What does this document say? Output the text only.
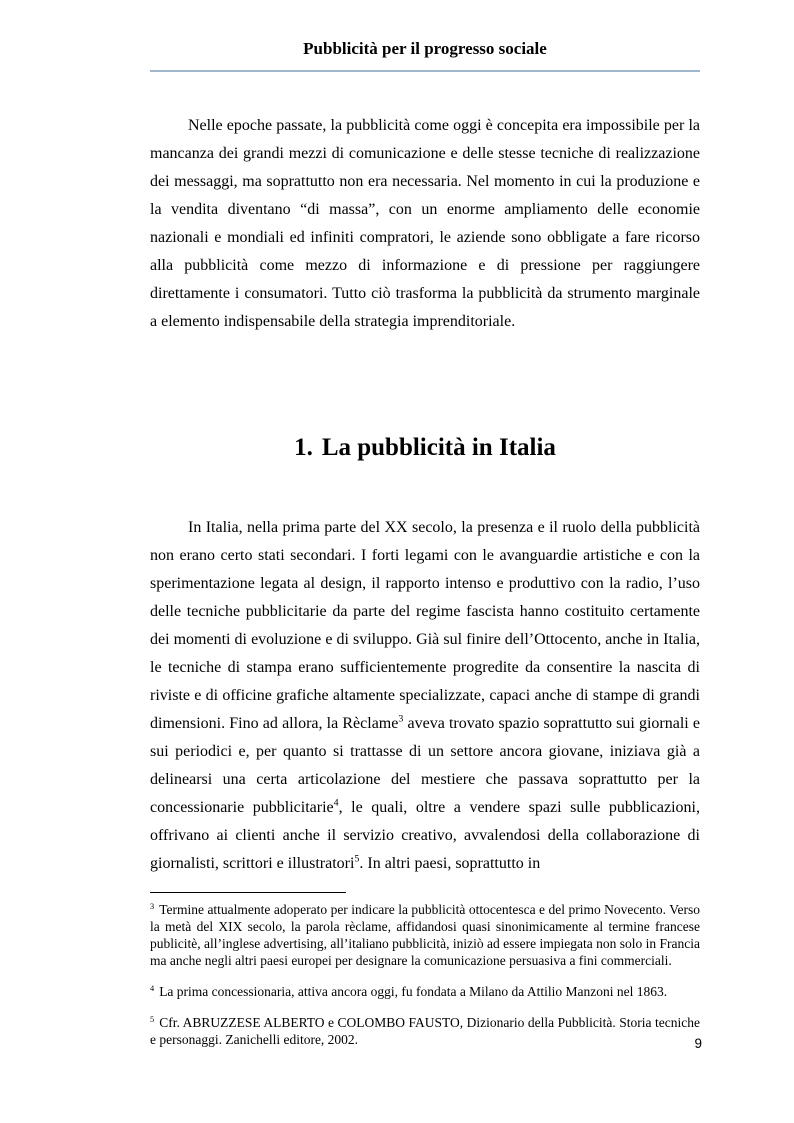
Pubblicità per il progresso sociale

Nelle epoche passate, la pubblicità come oggi è concepita era impossibile per la mancanza dei grandi mezzi di comunicazione e delle stesse tecniche di realizzazione dei messaggi, ma soprattutto non era necessaria. Nel momento in cui la produzione e la vendita diventano “di massa”, con un enorme ampliamento delle economie nazionali e mondiali ed infiniti compratori, le aziende sono obbligate a fare ricorso alla pubblicità come mezzo di informazione e di pressione per raggiungere direttamente i consumatori. Tutto ciò trasforma la pubblicità da strumento marginale a elemento indispensabile della strategia imprenditoriale.

1. La pubblicità in Italia

In Italia, nella prima parte del XX secolo, la presenza e il ruolo della pubblicità non erano certo stati secondari. I forti legami con le avanguardie artistiche e con la sperimentazione legata al design, il rapporto intenso e produttivo con la radio, l’uso delle tecniche pubblicitarie da parte del regime fascista hanno costituito certamente dei momenti di evoluzione e di sviluppo. Già sul finire dell’Ottocento, anche in Italia, le tecniche di stampa erano sufficientemente progredite da consentire la nascita di riviste e di officine grafiche altamente specializzate, capaci anche di stampe di grandi dimensioni. Fino ad allora, la Rèclame$^3$ aveva trovato spazio soprattutto sui giornali e sui periodici e, per quanto si trattasse di un settore ancora giovane, iniziava già a delinearsi una certa articolazione del mestiere che passava soprattutto per la concessionarie pubblicitarie$^4$, le quali, oltre a vendere spazi sulle pubblicazioni, offrivano ai clienti anche il servizio creativo, avvalendosi della collaborazione di giornalisti, scrittori e illustratori$^5$. In altri paesi, soprattutto in

$^3$ Termine attualmente adoperato per indicare la pubblicità ottocentesca e del primo Novecento. Verso la metà del XIX secolo, la parola rèclame, affidandosi quasi sinonimicamente al termine francese publicitè, all’inglese advertising, all’italiano pubblicità, iniziò ad essere impiegata non solo in Francia ma anche negli altri paesi europei per designare la comunicazione persuasiva a fini commerciali.

$^4$ La prima concessionaria, attiva ancora oggi, fu fondata a Milano da Attilio Manzoni nel 1863.

$^5$ Cfr. ABRUZZESE ALBERTO e COLOMBO FAUSTO, Dizionario della Pubblicità. Storia tecniche e personaggi. Zanichelli editore, 2002.	9
